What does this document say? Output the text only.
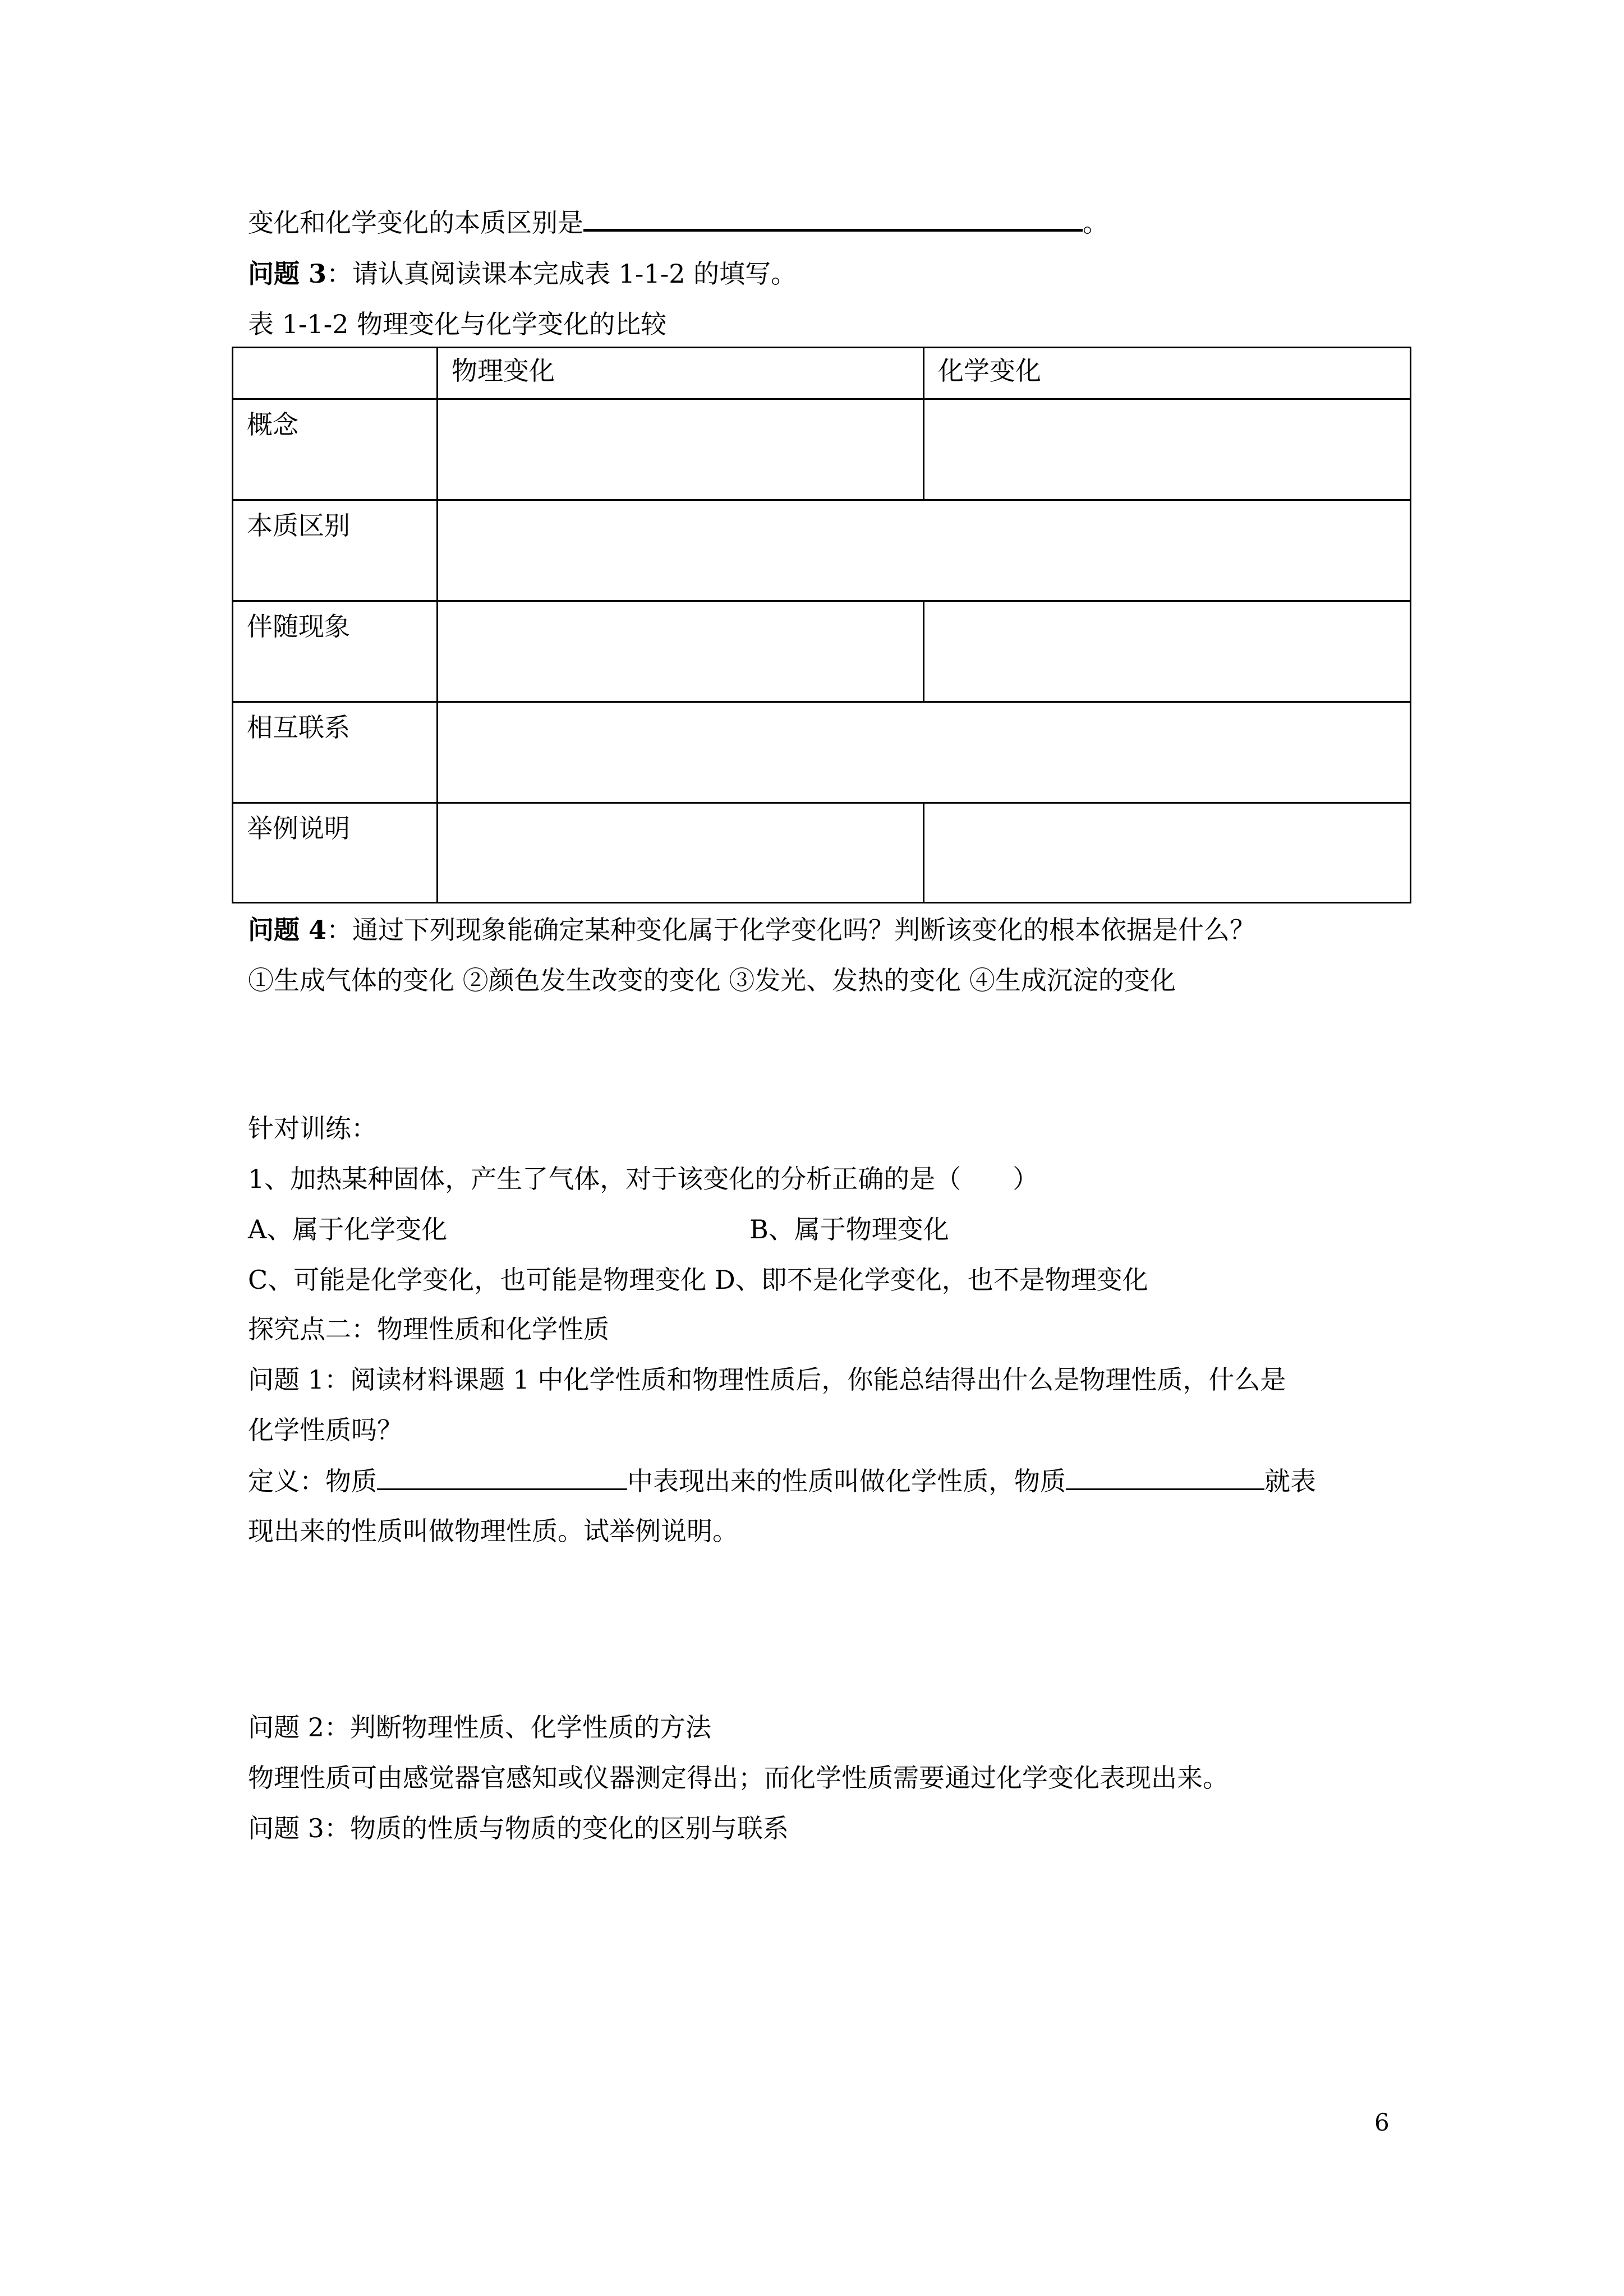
变化和化学变化的本质区别是	。
问题 3：请认真阅读课本完成表 1-1-2 的填写。
表 1-1-2 物理变化与化学变化的比较
	物理变化	化学变化
概念		
本质区别		
伴随现象		
相互联系		
举例说明		
问题 4：通过下列现象能确定某种变化属于化学变化吗？判断该变化的根本依据是什么？
①生成气体的变化 ②颜色发生改变的变化 ③发光、发热的变化 ④生成沉淀的变化
针对训练：
1、加热某种固体，产生了气体，对于该变化的分析正确的是（　　）
A、属于化学变化	B、属于物理变化
C、可能是化学变化，也可能是物理变化 D、即不是化学变化，也不是物理变化
探究点二：物理性质和化学性质
问题 1：阅读材料课题 1 中化学性质和物理性质后，你能总结得出什么是物理性质，什么是
化学性质吗？
定义：物质	中表现出来的性质叫做化学性质，物质	就表
现出来的性质叫做物理性质。试举例说明。
问题 2：判断物理性质、化学性质的方法
物理性质可由感觉器官感知或仪器测定得出；而化学性质需要通过化学变化表现出来。
问题 3：物质的性质与物质的变化的区别与联系
6
